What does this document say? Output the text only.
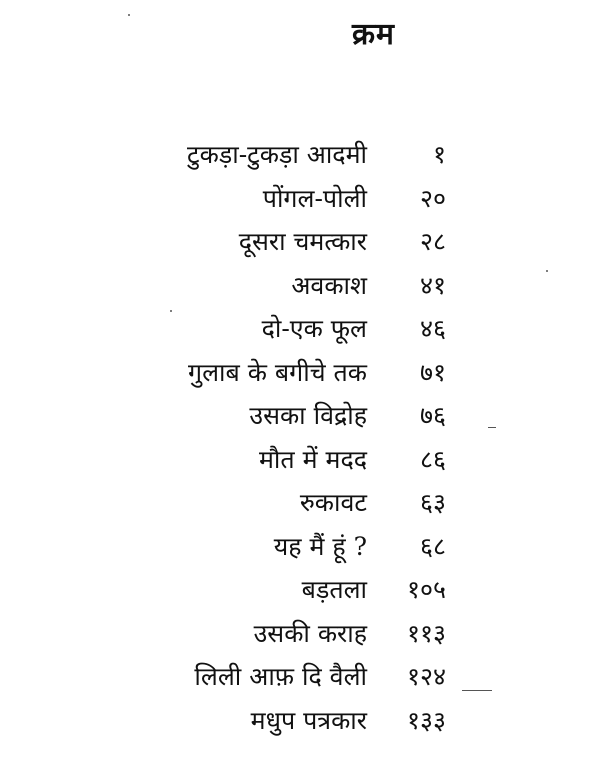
क्रम
टुकड़ा-टुकड़ा आदमी	१
पोंगल-पोली	२०
दूसरा चमत्कार	२८
अवकाश	४१
दो-एक फूल	४६
गुलाब के बगीचे तक	७१
उसका विद्रोह	७६
मौत में मदद	८६
रुकावट	६३
यह मैं हूं ?	६८
बड़तला	१०५
उसकी कराह	११३
लिली आफ़ दि वैली	१२४
मधुप पत्रकार	१३३
